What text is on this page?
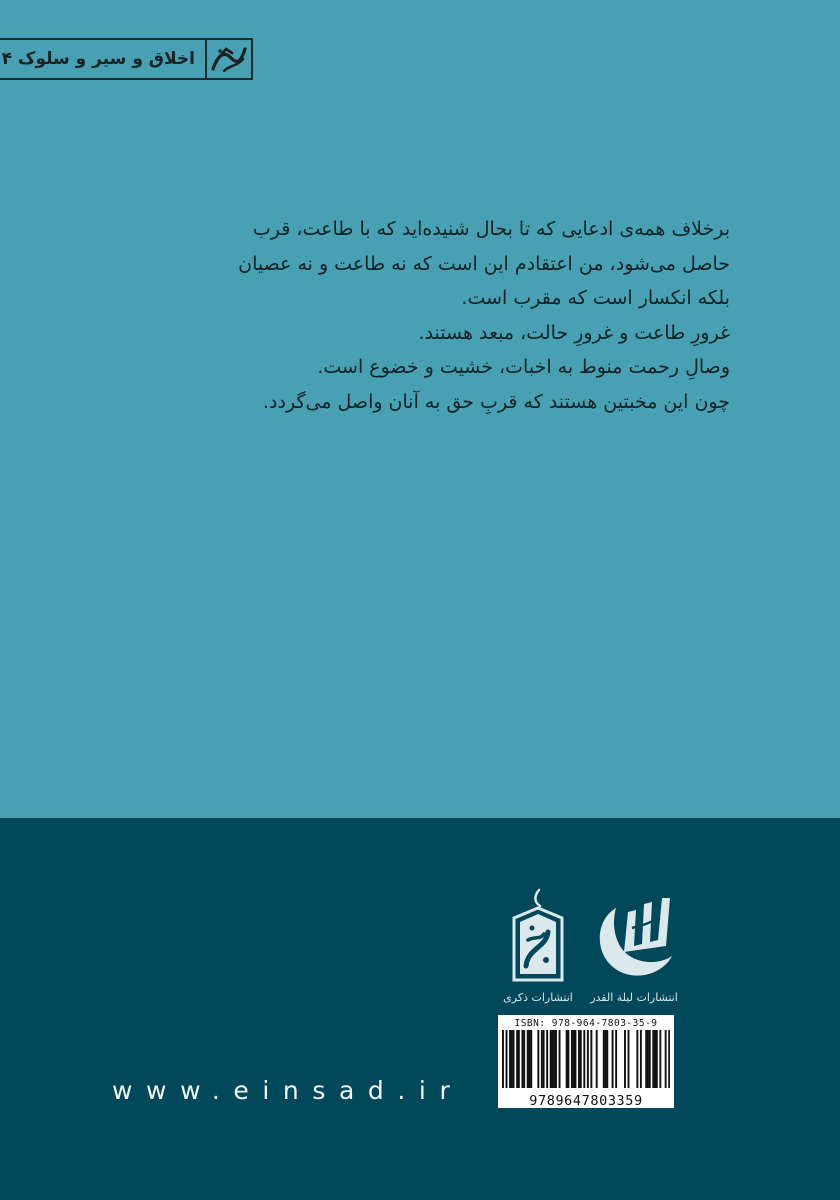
اخلاق و سیر و سلوک ۴

برخلاف همه‌ی ادعایی که تا بحال شنیده‌اید که با طاعت، قرب

حاصل می‌شود، من اعتقادم این است که نه طاعت و نه عصیان

بلکه انکسار است که مقرب است.

غرورِ طاعت و غرورِ حالت، مبعد هستند.

وصالِ رحمت منوط به اخبات، خشیت و خضوع است.

چون این مخبتین هستند که قربِ حق به آنان واصل می‌گردد.

انتشارات ذکری	انتشارات لیلة القدر
ISBN: 978-964-7803-35-9
9789647803359
www.einsad.ir
